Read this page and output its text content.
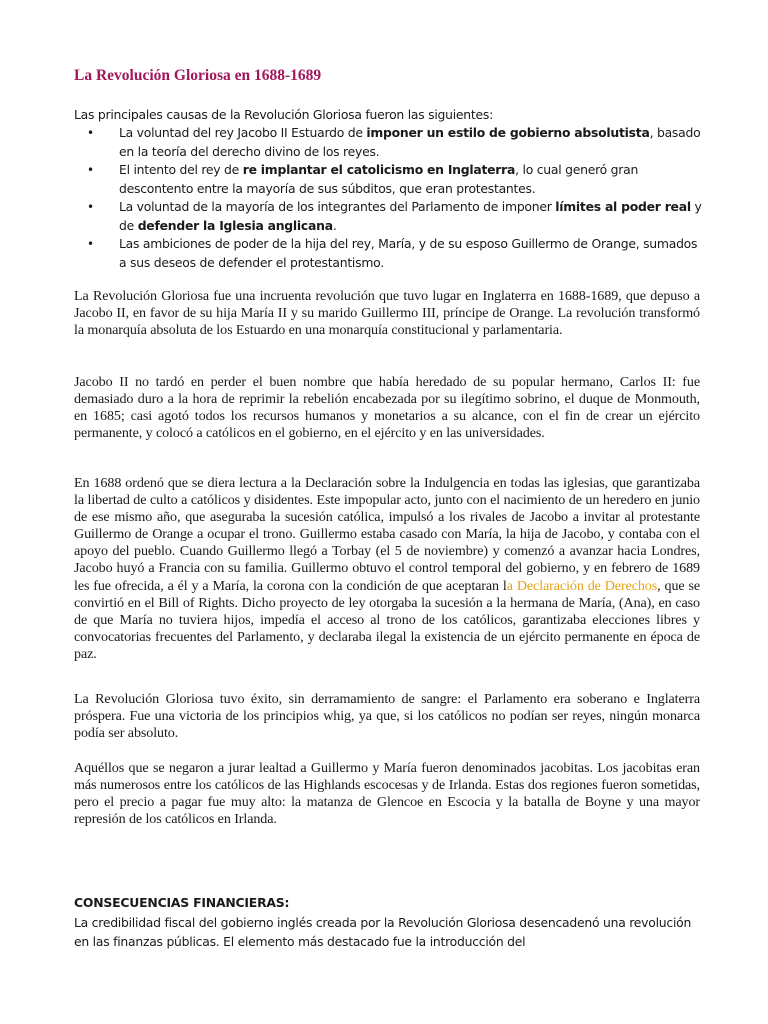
La Revolución Gloriosa en 1688-1689

Las principales causas de la Revolución Gloriosa fueron las siguientes:

• La voluntad del rey Jacobo II Estuardo de imponer un estilo de gobierno absolutista, basado en la teoría del derecho divino de los reyes.
• El intento del rey de re implantar el catolicismo en Inglaterra, lo cual generó gran descontento entre la mayoría de sus súbditos, que eran protestantes.
• La voluntad de la mayoría de los integrantes del Parlamento de imponer límites al poder real y de defender la Iglesia anglicana.
• Las ambiciones de poder de la hija del rey, María, y de su esposo Guillermo de Orange, sumados a sus deseos de defender el protestantismo.

La Revolución Gloriosa fue una incruenta revolución que tuvo lugar en Inglaterra en 1688-1689, que depuso a Jacobo II, en favor de su hija María II y su marido Guillermo III, príncipe de Orange. La revolución transformó la monarquía absoluta de los Estuardo en una monarquía constitucional y parlamentaria.

Jacobo II no tardó en perder el buen nombre que había heredado de su popular hermano, Carlos II: fue demasiado duro a la hora de reprimir la rebelión encabezada por su ilegítimo sobrino, el duque de Monmouth, en 1685; casi agotó todos los recursos humanos y monetarios a su alcance, con el fin de crear un ejército permanente, y colocó a católicos en el gobierno, en el ejército y en las universidades.

En 1688 ordenó que se diera lectura a la Declaración sobre la Indulgencia en todas las iglesias, que garantizaba la libertad de culto a católicos y disidentes. Este impopular acto, junto con el nacimiento de un heredero en junio de ese mismo año, que aseguraba la sucesión católica, impulsó a los rivales de Jacobo a invitar al protestante Guillermo de Orange a ocupar el trono. Guillermo estaba casado con María, la hija de Jacobo, y contaba con el apoyo del pueblo. Cuando Guillermo llegó a Torbay (el 5 de noviembre) y comenzó a avanzar hacia Londres, Jacobo huyó a Francia con su familia. Guillermo obtuvo el control temporal del gobierno, y en febrero de 1689 les fue ofrecida, a él y a María, la corona con la condición de que aceptaran la Declaración de Derechos, que se convirtió en el Bill of Rights. Dicho proyecto de ley otorgaba la sucesión a la hermana de María, (Ana), en caso de que María no tuviera hijos, impedía el acceso al trono de los católicos, garantizaba elecciones libres y convocatorias frecuentes del Parlamento, y declaraba ilegal la existencia de un ejército permanente en época de paz.

La Revolución Gloriosa tuvo éxito, sin derramamiento de sangre: el Parlamento era soberano e Inglaterra próspera. Fue una victoria de los principios whig, ya que, si los católicos no podían ser reyes, ningún monarca podía ser absoluto.

Aquéllos que se negaron a jurar lealtad a Guillermo y María fueron denominados jacobitas. Los jacobitas eran más numerosos entre los católicos de las Highlands escocesas y de Irlanda. Estas dos regiones fueron sometidas, pero el precio a pagar fue muy alto: la matanza de Glencoe en Escocia y la batalla de Boyne y una mayor represión de los católicos en Irlanda.

CONSECUENCIAS FINANCIERAS:

La credibilidad fiscal del gobierno inglés creada por la Revolución Gloriosa desencadenó una revolución en las finanzas públicas. El elemento más destacado fue la introducción del
